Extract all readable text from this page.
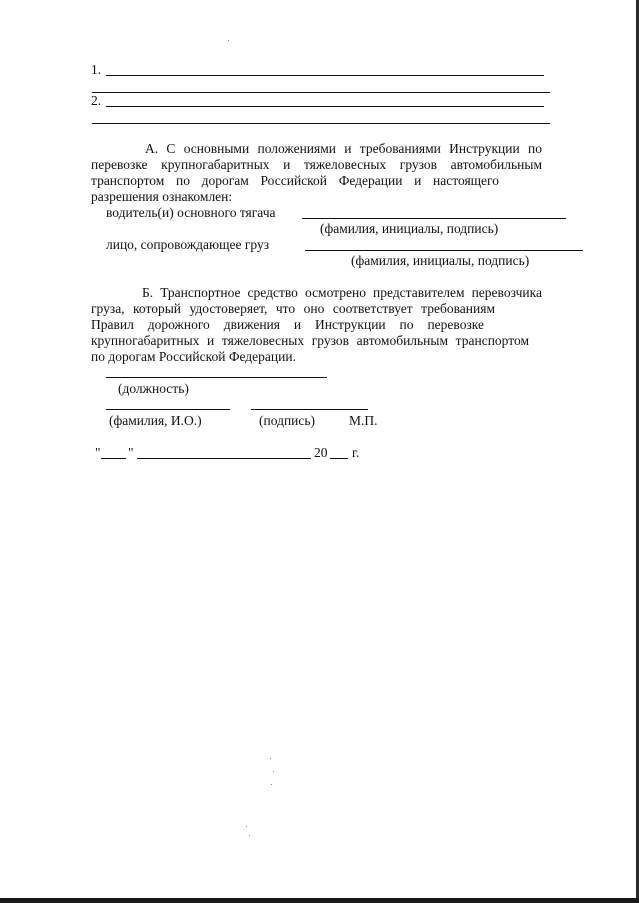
1.
2.
А. С основными положениями и требованиями Инструкции по
перевозке крупногабаритных и тяжеловесных грузов автомобильным
транспортом по дорогам Российской Федерации и настоящего
разрешения ознакомлен:
водитель(и) основного тягача
(фамилия, инициалы, подпись)
лицо, сопровождающее груз
(фамилия, инициалы, подпись)
Б. Транспортное средство осмотрено представителем перевозчика
груза, который удостоверяет, что оно соответствует требованиям
Правил дорожного движения и Инструкции по перевозке
крупногабаритных и тяжеловесных грузов автомобильным транспортом
по дорогам Российской Федерации.
(должность)
(фамилия, И.О.)	(подпись)	М.П.
" "	20 г.
